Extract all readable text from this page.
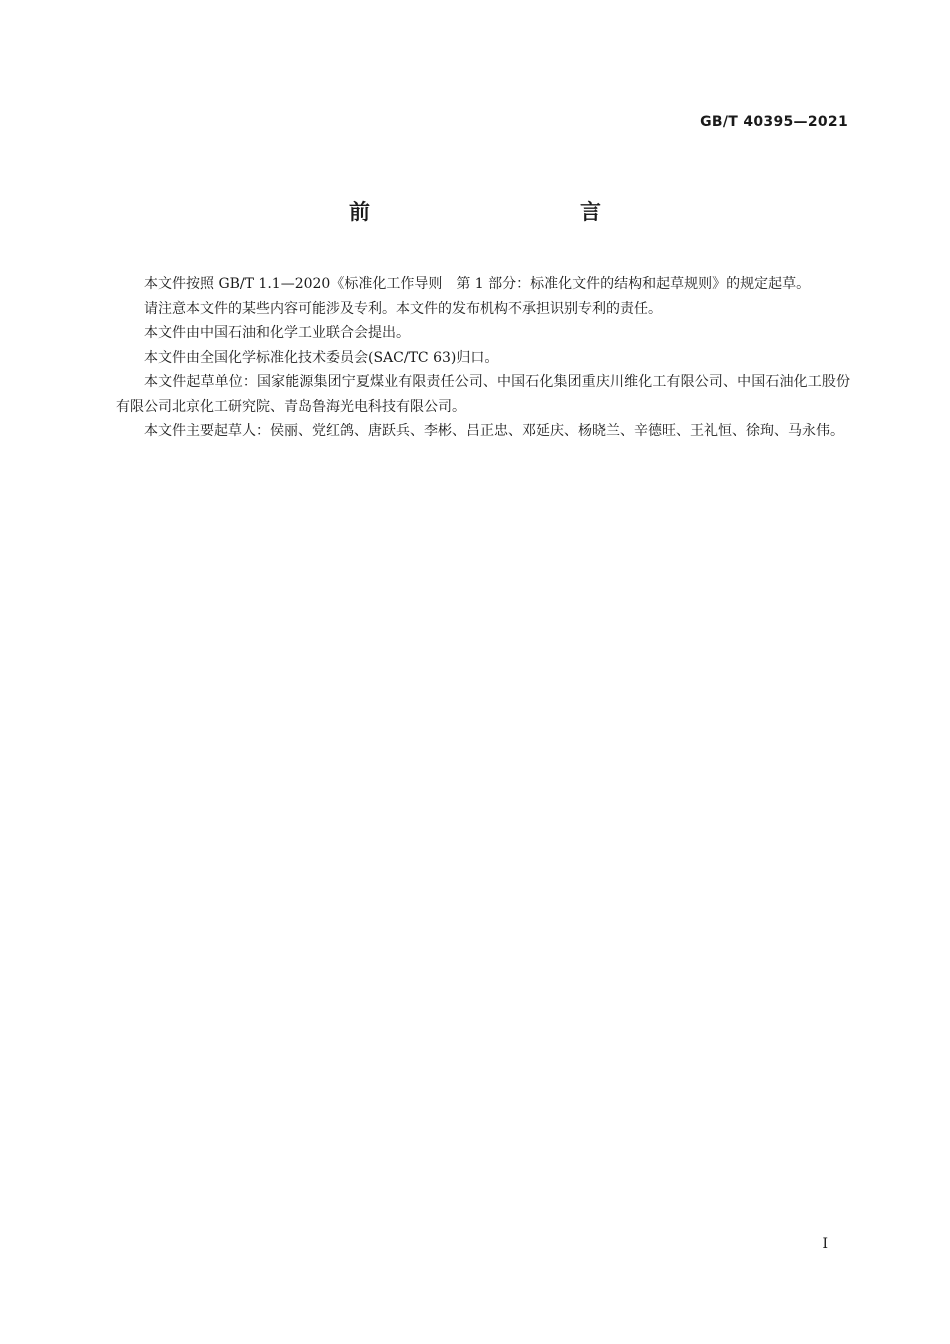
GB/T 40395—2021
前　　言

本文件按照 GB/T 1.1—2020《标准化工作导则　第 1 部分：标准化文件的结构和起草规则》的规定起草。

请注意本文件的某些内容可能涉及专利。本文件的发布机构不承担识别专利的责任。

本文件由中国石油和化学工业联合会提出。

本文件由全国化学标准化技术委员会(SAC/TC 63)归口。

本文件起草单位：国家能源集团宁夏煤业有限责任公司、中国石化集团重庆川维化工有限公司、中国石油化工股份有限公司北京化工研究院、青岛鲁海光电科技有限公司。

本文件主要起草人：侯丽、党红鸽、唐跃兵、李彬、吕正忠、邓延庆、杨晓兰、辛德旺、王礼恒、徐珣、马永伟。

I
